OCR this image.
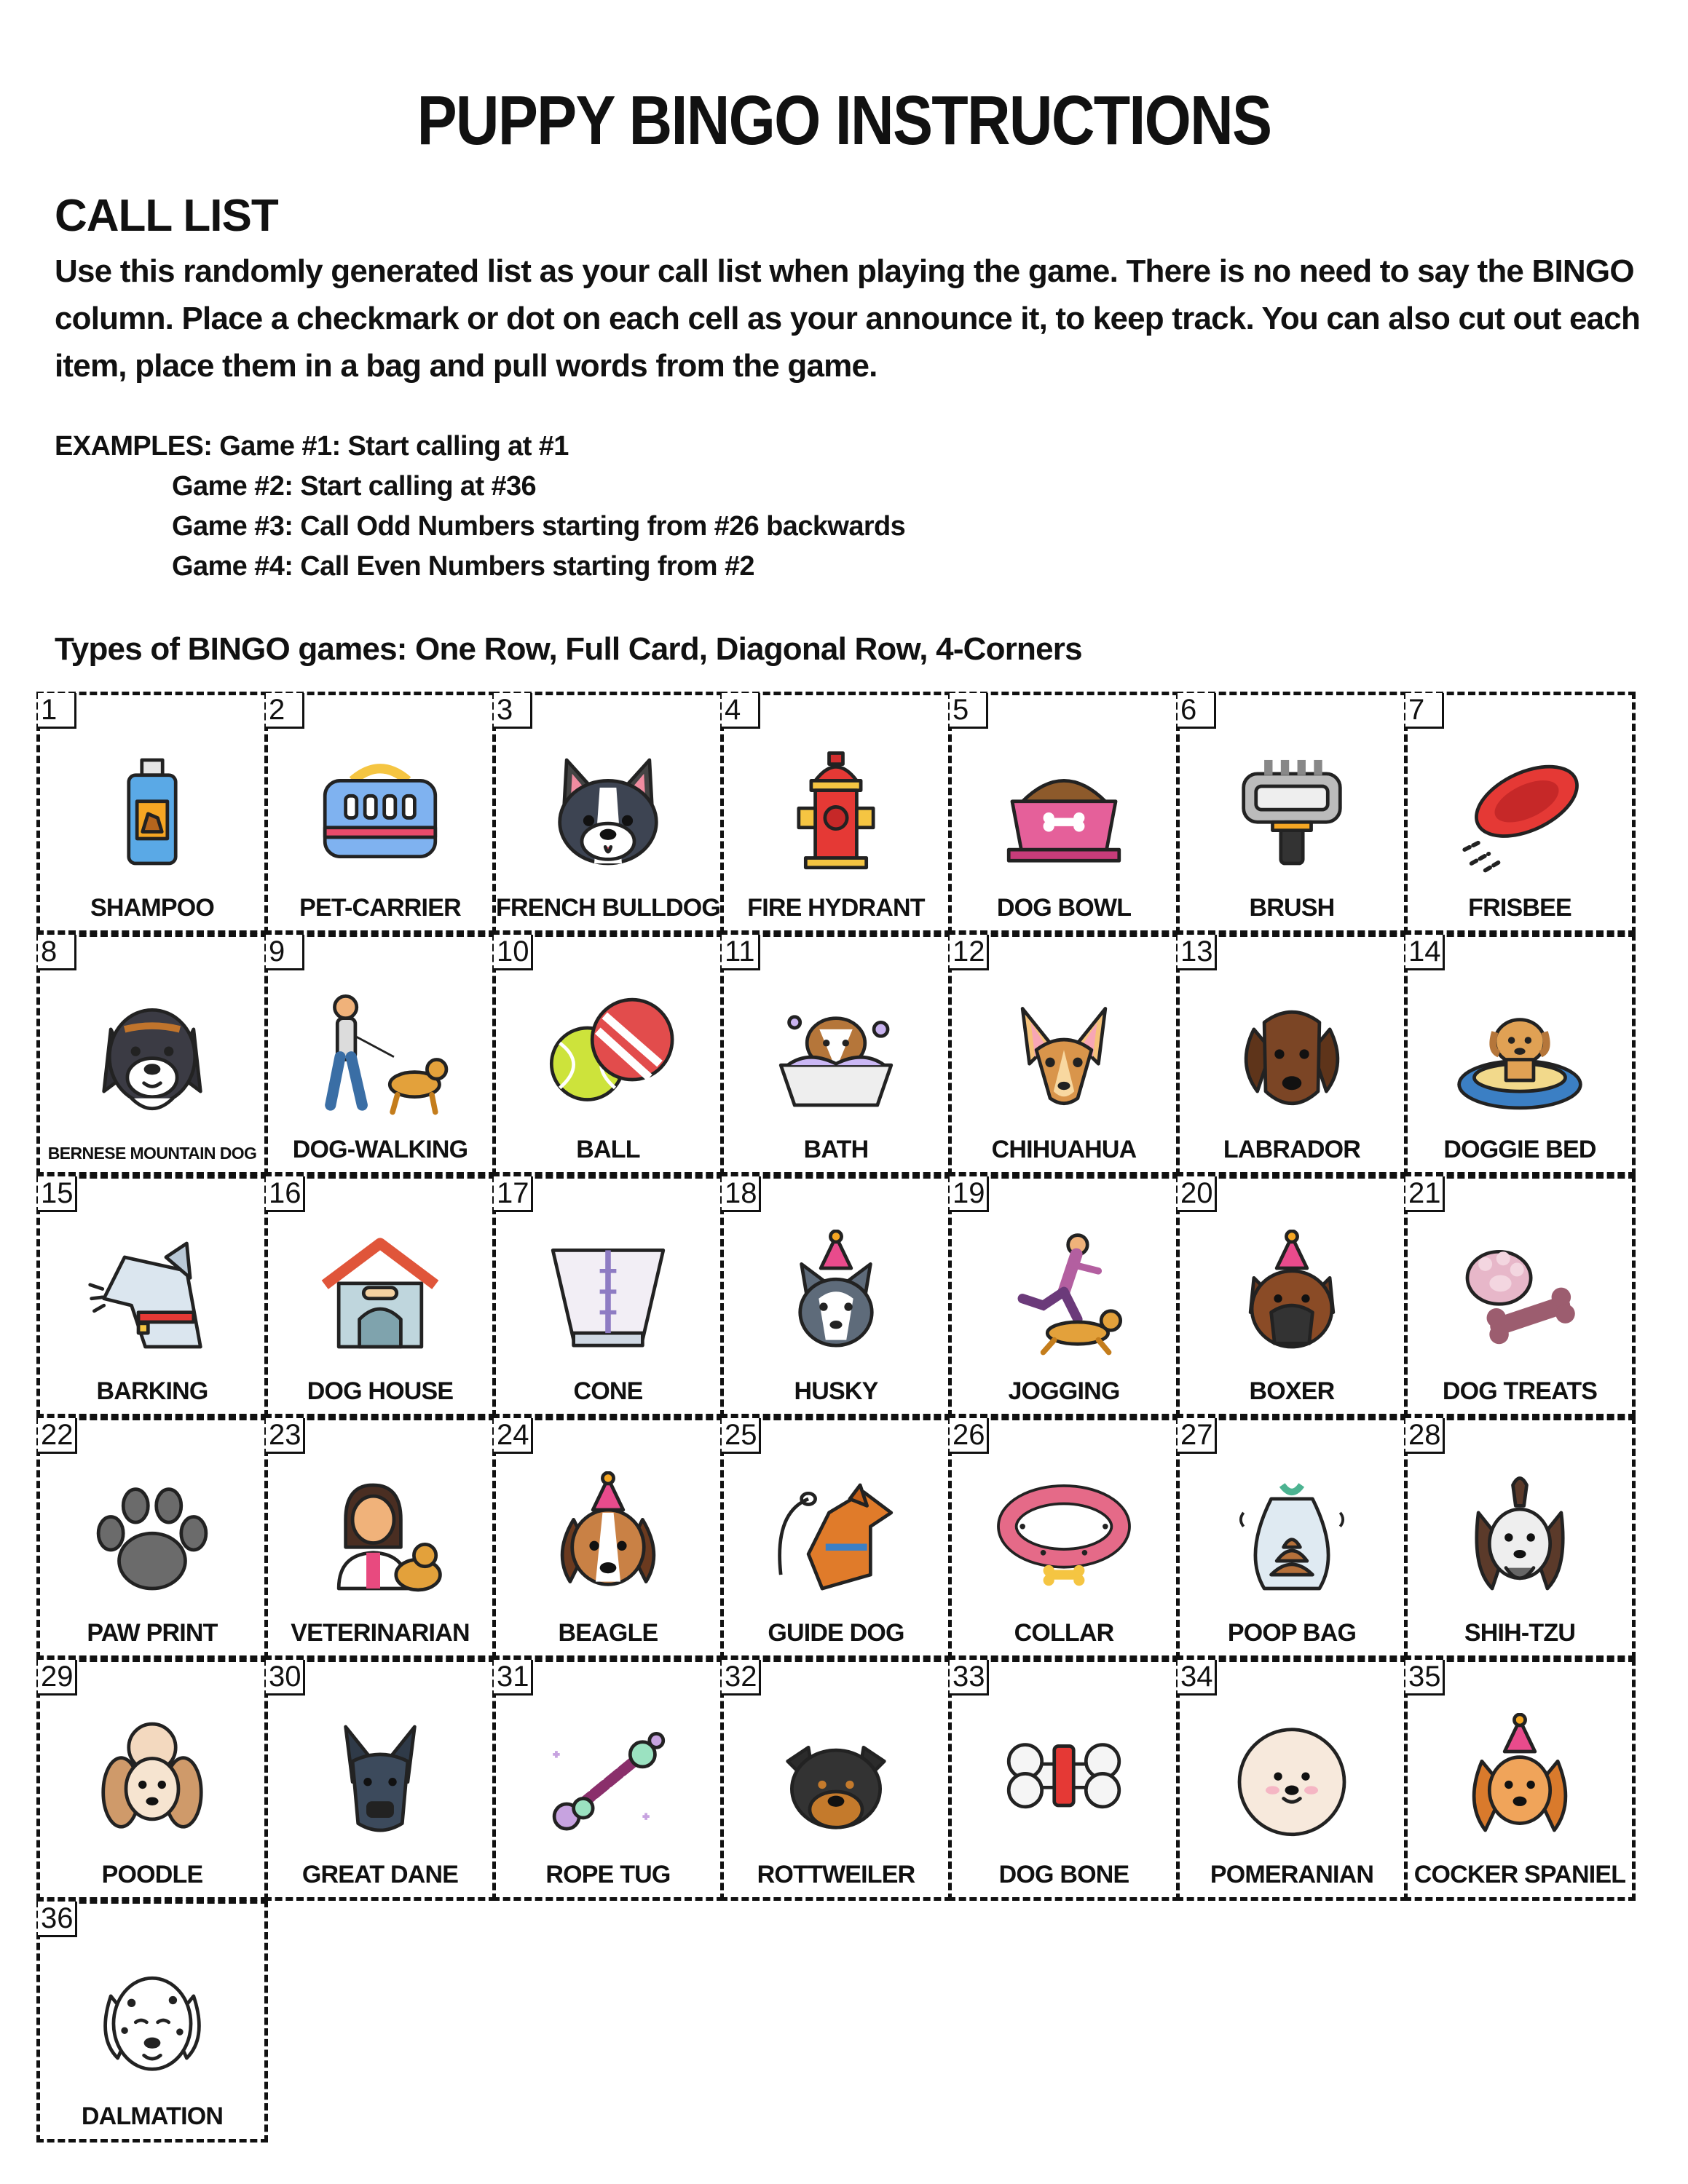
PUPPY BINGO INSTRUCTIONS
CALL LIST
Use this randomly generated list as your call list when playing the game. There is no need to say the BINGO column. Place a checkmark or dot on each cell as your announce it, to keep track. You can also cut out each item, place them in a bag and pull words from the game.
EXAMPLES: Game #1: Start calling at #1
Game #2: Start calling at #36
Game #3: Call Odd Numbers starting from #26 backwards
Game #4: Call Even Numbers starting from #2
Types of BINGO games: One Row, Full Card, Diagonal Row, 4-Corners
1
SHAMPOO
2
PET-CARRIER
3
FRENCH BULLDOG
4
FIRE HYDRANT
5
DOG BOWL
6
BRUSH
7
FRISBEE
8
BERNESE MOUNTAIN DOG
9
DOG-WALKING
10
BALL
11
BATH
12
CHIHUAHUA
13
LABRADOR
14
DOGGIE BED
15
BARKING
16
DOG HOUSE
17
CONE
18
HUSKY
19
JOGGING
20
BOXER
21
DOG TREATS
22
PAW PRINT
23
VETERINARIAN
24
BEAGLE
25
GUIDE DOG
26
COLLAR
27
POOP BAG
28
SHIH-TZU
29
POODLE
30
GREAT DANE
31
ROPE TUG
32
ROTTWEILER
33
DOG BONE
34
POMERANIAN
35
COCKER SPANIEL
36
DALMATION
